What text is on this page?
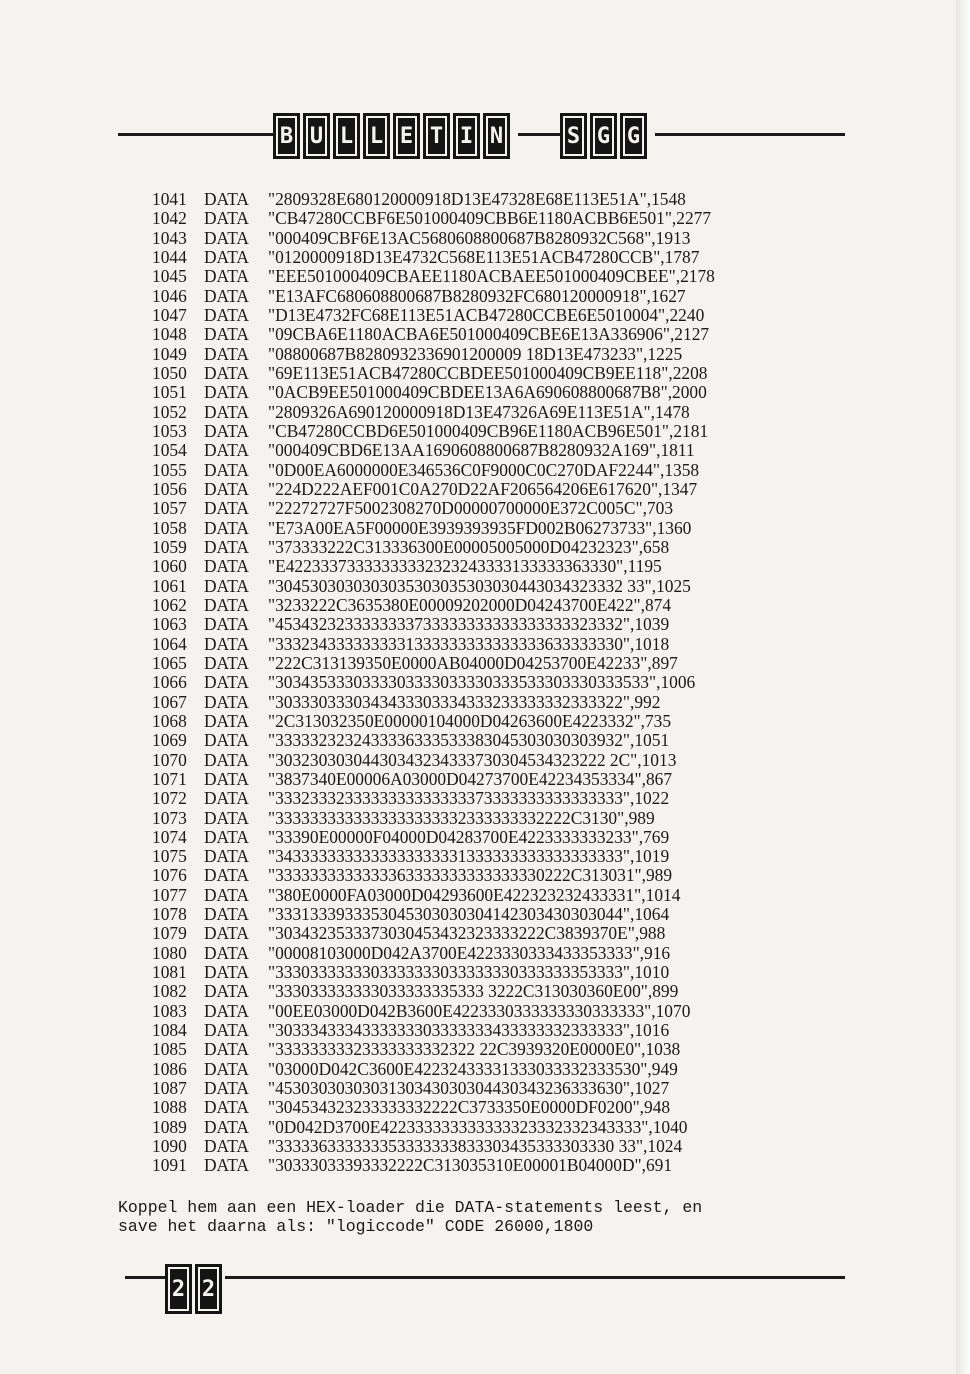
B U L L E T I N	S G G
1041 DATA	"2809328E680120000918D13E47328E68E113E51A",1548
1042 DATA	"CB47280CCBF6E501000409CBB6E1180ACBB6E501",2277
1043 DATA	"000409CBF6E13AC5680608800687B8280932C568",1913
1044 DATA	"0120000918D13E4732C568E113E51ACB47280CCB",1787
1045 DATA	"EEE501000409CBAEE1180ACBAEE501000409CBEE",2178
1046 DATA	"E13AFC680608800687B8280932FC680120000918",1627
1047 DATA	"D13E4732FC68E113E51ACB47280CCBE6E5010004",2240
1048 DATA	"09CBA6E1180ACBA6E501000409CBE6E13A336906",2127
1049 DATA	"08800687B8280932336901200009 18D13E473233",1225
1050 DATA	"69E113E51ACB47280CCBDEE501000409CB9EE118",2208
1051 DATA	"0ACB9EE501000409CBDEE13A6A690608800687B8",2000
1052 DATA	"2809326A690120000918D13E47326A69E113E51A",1478
1053 DATA	"CB47280CCBD6E501000409CB96E1180ACB96E501",2181
1054 DATA	"000409CBD6E13AA1690608800687B8280932A169",1811
1055 DATA	"0D00EA6000000E346536C0F9000C0C270DAF2244",1358
1056 DATA	"224D222AEF001C0A270D22AF206564206E617620",1347
1057 DATA	"22272727F5002308270D00000700000E372C005C",703
1058 DATA	"E73A00EA5F00000E3939393935FD002B06273733",1360
1059 DATA	"373333222C313336300E00005005000D04232323",658
1060 DATA	"E42233373333333332323243333133333363330",1195
1061 DATA	"3045303030303035303035303030443034323332 33",1025
1062 DATA	"3233222C3635380E00009202000D04243700E422",874
1063 DATA	"4534323233333333733333333333333333323332",1039
1064 DATA	"3332343333333331333333333333333633333330",1018
1065 DATA	"222C313139350E0000AB04000D04253700E42233",897
1066 DATA	"3034353330333303333033330333533303330333533",1006
1067 DATA	"3033303330343433303334333233333332333322",992
1068 DATA	"2C313032350E00000104000D04263600E4223332",735
1069 DATA	"3333323232433336333533383045303030303932",1051
1070 DATA	"30323030304430343234333730304534323222 2C",1013
1071 DATA	"3837340E00006A03000D04273700E42234353334",867
1072 DATA	"3332333233333333333333373333333333333333",1022
1073 DATA	"3333333333333333333332333333332222C3130",989
1074 DATA	"33390E00000F04000D04283700E4223333333233",769
1075 DATA	"3433333333333333333331333333333333333333",1019
1076 DATA	"3333333333333363333333333333330222C313031",989
1077 DATA	"380E0000FA03000D04293600E422323232433331",1014
1078 DATA	"3331333933353045303030304142303430303044",1064
1079 DATA	"3034323533373030453432323333222C3839370E",988
1080 DATA	"00008103000D042A3700E4223330333433353333",916
1081 DATA	"3330333333303333333033333330333333353333",1010
1082 DATA	"333033333333033333335333 3222C313030360E00",899
1083 DATA	"00EE03000D042B3600E4223330333333330333333",1070
1084 DATA	"3033343334333333303333333433333332333333",1016
1085 DATA	"33333333323333333332322 22C3939320E0000E0",1038
1086 DATA	"03000D042C3600E42232433331333033332333530",949
1087 DATA	"4530303030303130343030304430343236333630",1027
1088 DATA	"304534323233333332222C3733350E0000DF0200",948
1089 DATA	"0D042D3700E422333333333333323332332343333",1040
1090 DATA	"333336333333353333333833303435333303330 33",1024
1091 DATA	"30333033393332222C313035310E00001B04000D",691

Koppel hem aan een HEX-loader die DATA-statements leest, en

save het daarna als: "logiccode" CODE 26000,1800

2 2
